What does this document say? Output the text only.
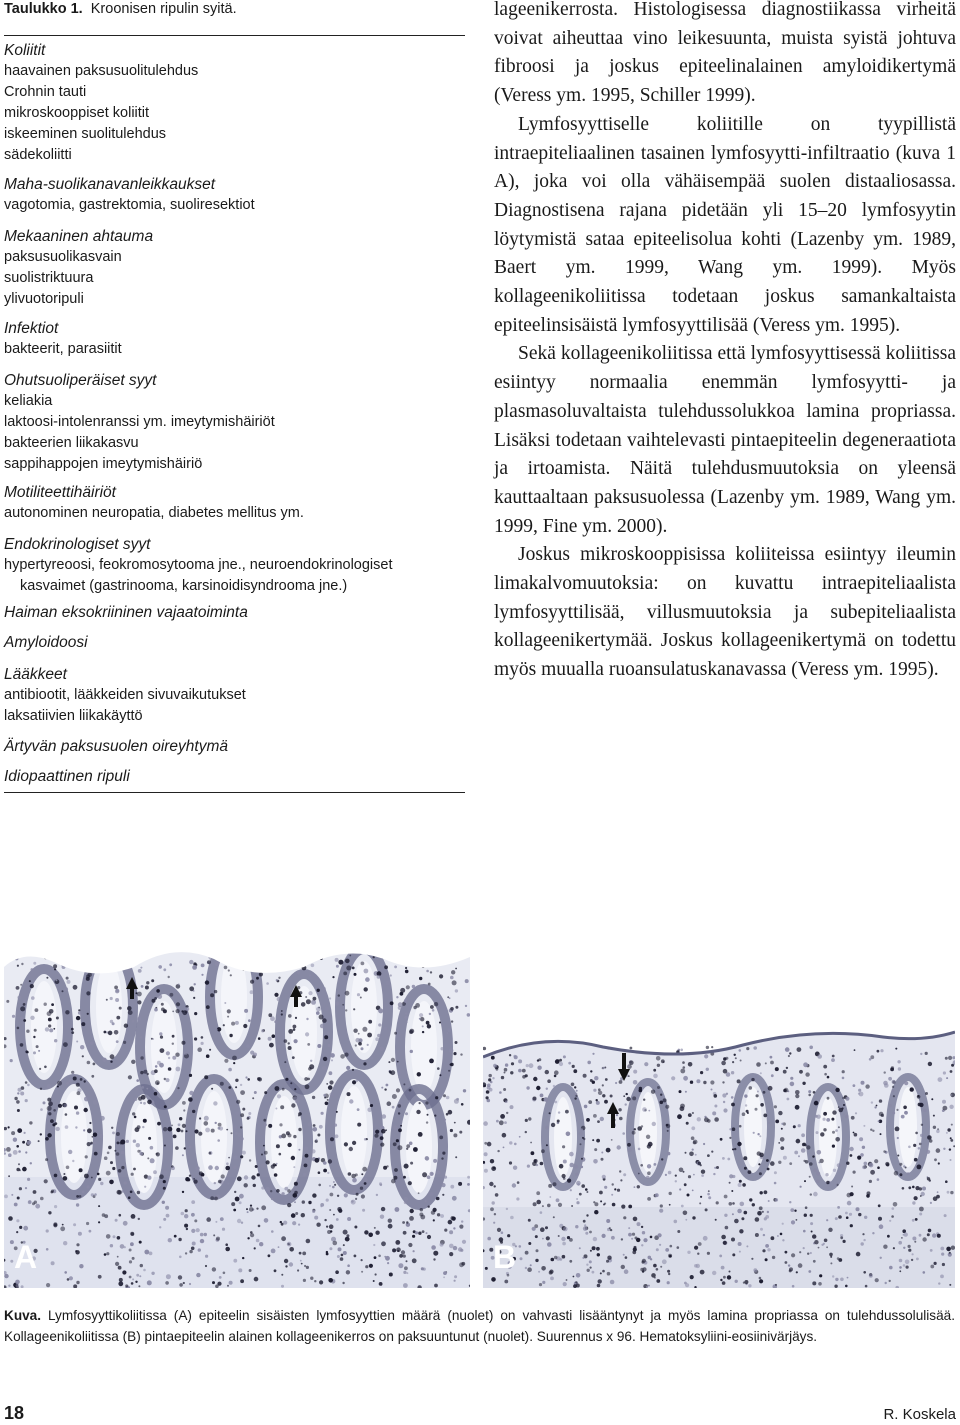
Taulukko 1. Kroonisen ripulin syitä.
Koliitit
haavainen paksusuolitulehdus
Crohnin tauti
mikroskooppiset koliitit
iskeeminen suolitulehdus
sädekoliitti
Maha-suolikanavanleikkaukset
vagotomia, gastrektomia, suoliresektiot
Mekaaninen ahtauma
paksusuolikasvain
suolistriktuura
ylivuotoripuli
Infektiot
bakteerit, parasiitit
Ohutsuoliperäiset syyt
keliakia
laktoosi-intolenranssi ym. imeytymishäiriöt
bakteerien liikakasvu
sappihappojen imeytymishäiriö
Motiliteettihäiriöt
autonominen neuropatia, diabetes mellitus ym.
Endokrinologiset syyt
hypertyreoosi, feokromosytooma jne., neuroendokrinologiset
kasvaimet (gastrinooma, karsinoidisyndrooma jne.)
Haiman eksokriininen vajaatoiminta
Amyloidoosi
Lääkkeet
antibiootit, lääkkeiden sivuvaikutukset
laksatiivien liikakäyttö
Ärtyvän paksusuolen oireyhtymä
Idiopaattinen ripuli

lageenikerrosta. Histologisessa diagnostiikassa virheitä voivat aiheuttaa vino leikesuunta, muista syistä johtuva fibroosi ja joskus epiteelinalainen amyloidikertymä (Veress ym. 1995, Schiller 1999).

Lymfosyyttiselle koliitille on tyypillistä intraepiteliaalinen tasainen lymfosyytti-infiltraatio (kuva 1 A), joka voi olla vähäisempää suolen distaaliosassa. Diagnostisena rajana pidetään yli 15–20 lymfosyytin löytymistä sataa epiteelisolua kohti (Lazenby ym. 1989, Baert ym. 1999, Wang ym. 1999). Myös kollageenikoliitissa todetaan joskus samankaltaista epiteelinsisäistä lymfosyyttilisää (Veress ym. 1995).

Sekä kollageenikoliitissa että lymfosyyttisessä koliitissa esiintyy normaalia enemmän lymfosyytti- ja plasmasoluvaltaista tulehdussolukkoa lamina propriassa. Lisäksi todetaan vaihtelevasti pintaepiteelin degeneraatiota ja irtoamista. Näitä tulehdusmuutoksia on yleensä kauttaaltaan paksusuolessa (Lazenby ym. 1989, Wang ym. 1999, Fine ym. 2000).

Joskus mikroskooppisissa koliiteissa esiintyy ileumin limakalvomuutoksia: on kuvattu intraepiteliaalista lymfosyyttilisää, villusmuutoksia ja subepiteliaalista kollageenikertymää. Joskus kollageenikertymä on todettu myös muualla ruoansulatuskanavassa (Veress ym. 1995).

A	B
Kuva. Lymfosyyttikoliitissa (A) epiteelin sisäisten lymfosyyttien määrä (nuolet) on vahvasti lisääntynyt ja myös lamina propriassa on tulehdussolulisää. Kollageenikoliitissa (B) pintaepiteelin alainen kollageenikerros on paksuuntunut (nuolet). Suurennus x 96. Hematoksyliini-eosiinivärjäys.
18	R. Koskela
